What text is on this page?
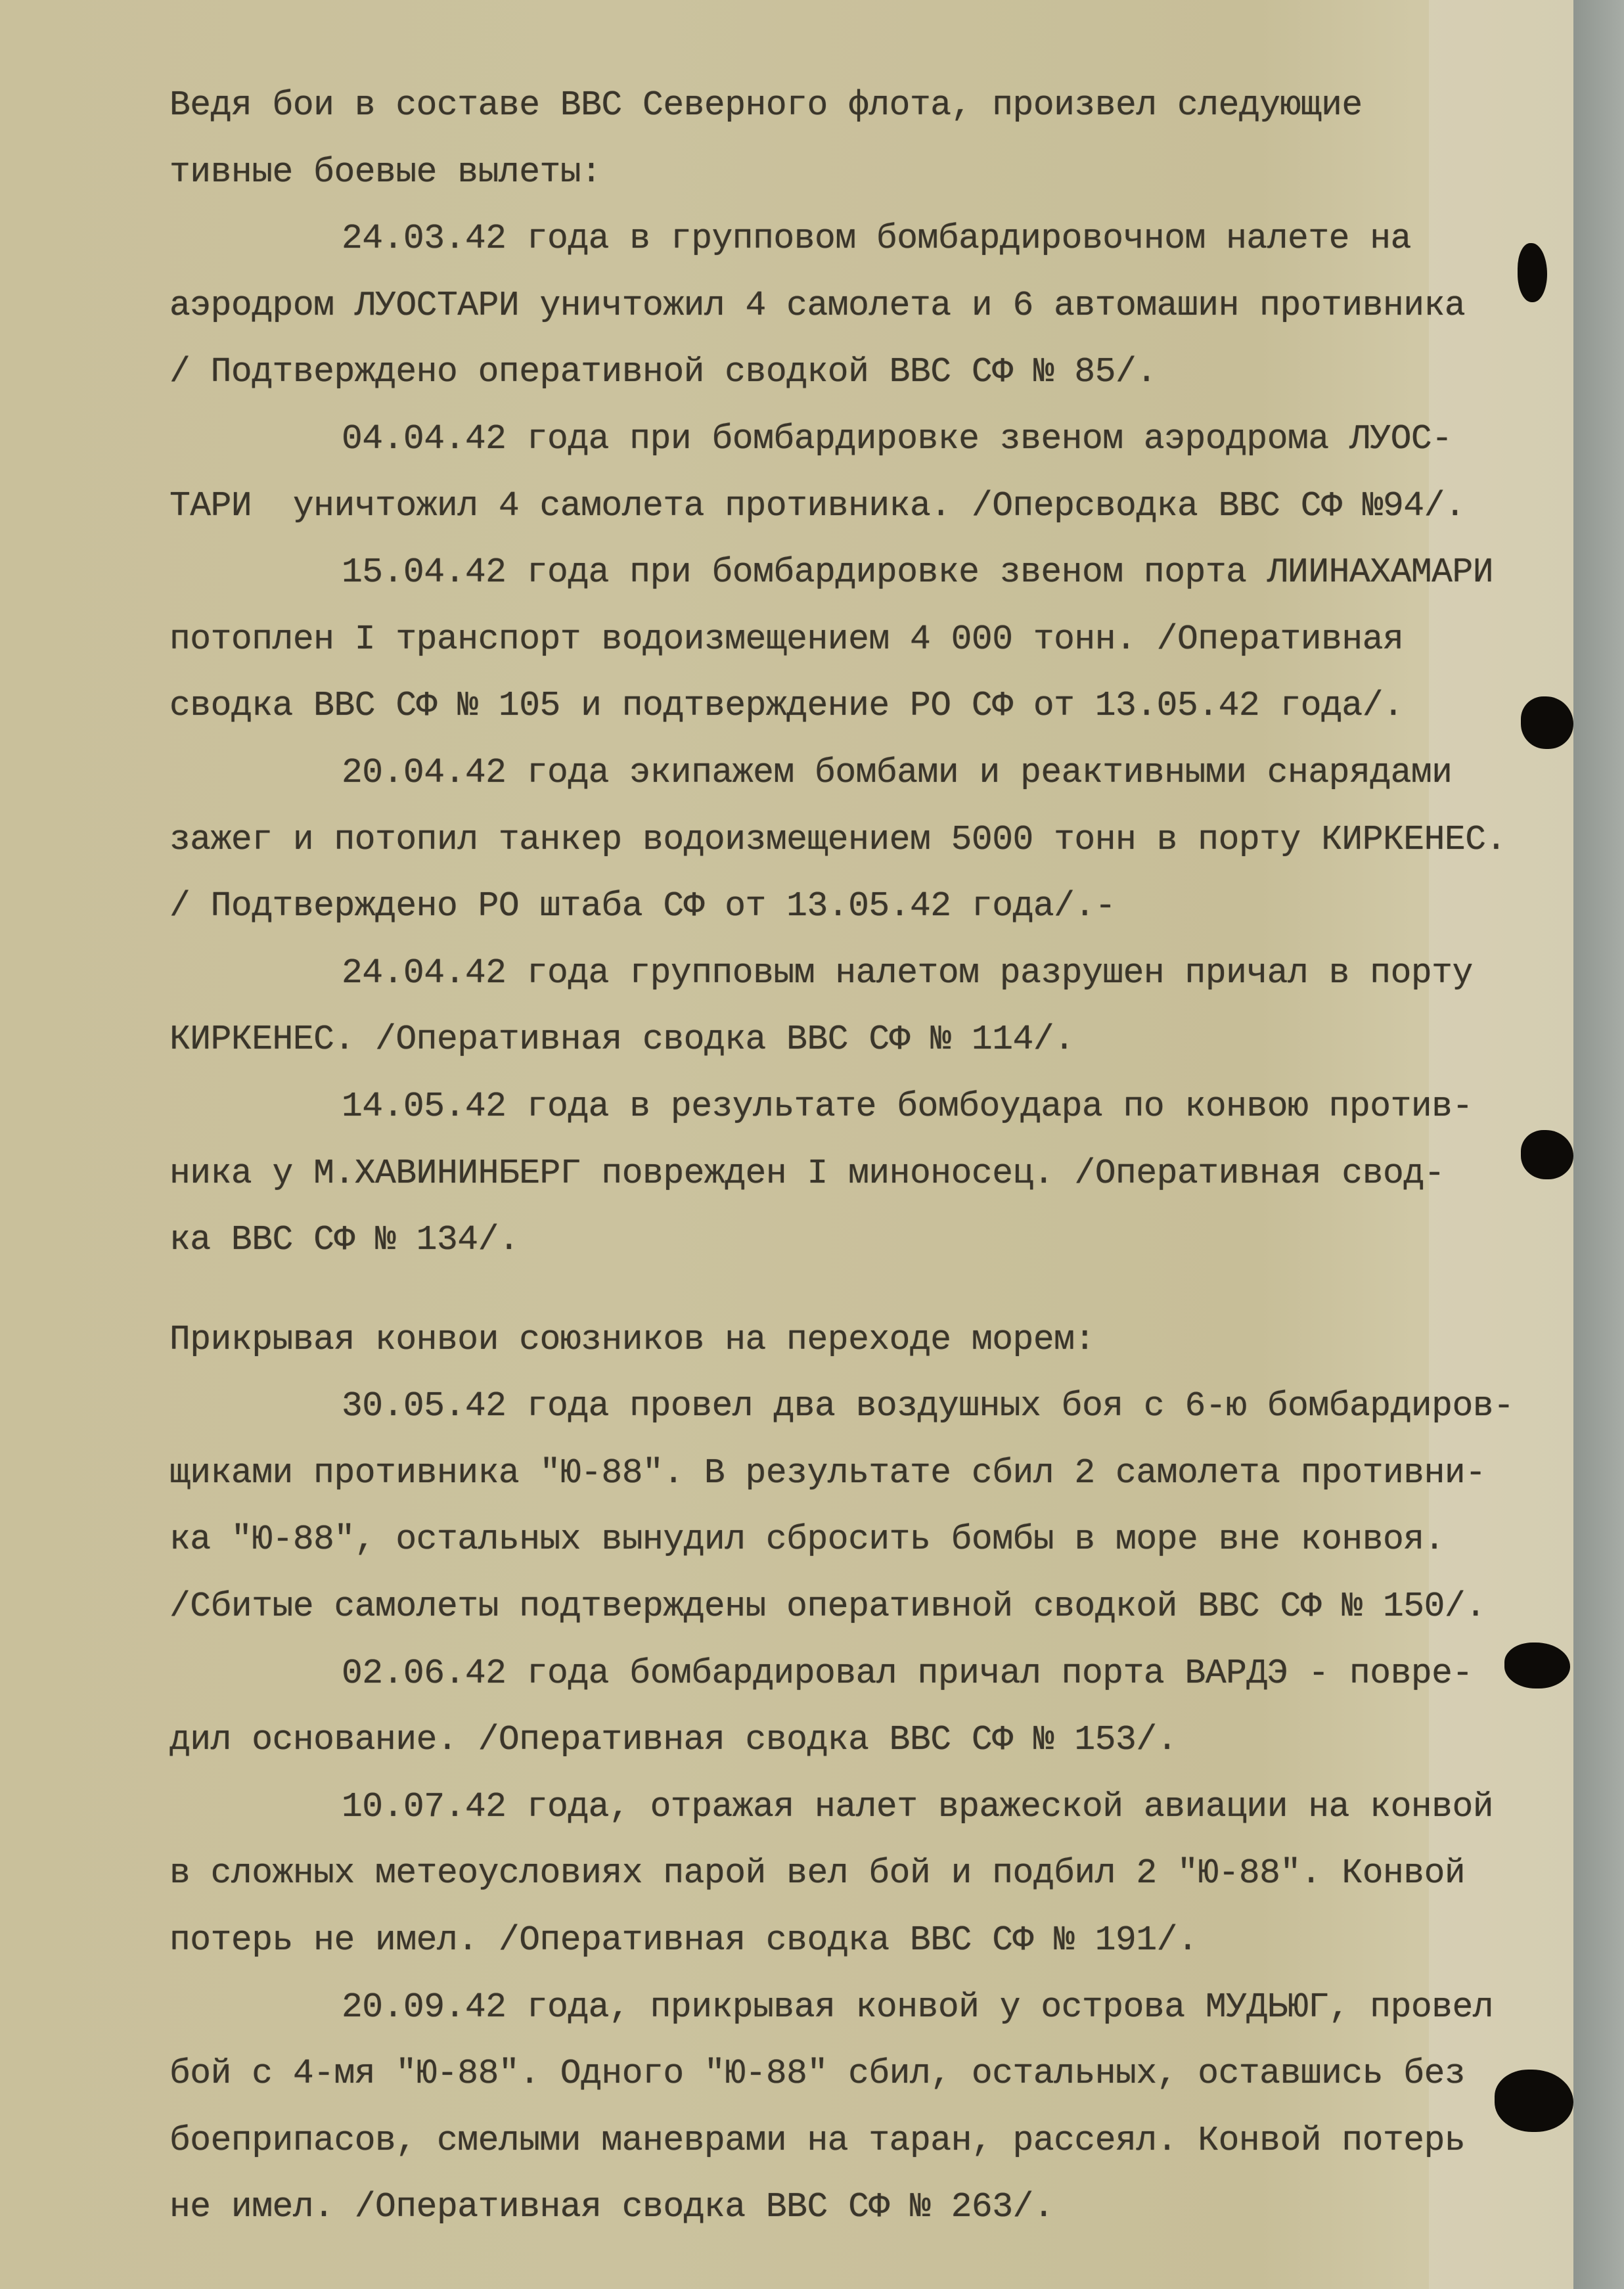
Ведя бои в составе ВВС Северного флота, произвел следующие
тивные боевые вылеты:
24.03.42 года в групповом бомбардировочном налете на
аэродром ЛУОСТАРИ уничтожил 4 самолета и 6 автомашин противника
/ Подтверждено оперативной сводкой ВВС СФ № 85/.
04.04.42 года при бомбардировке звеном аэродрома ЛУОС-
ТАРИ  уничтожил 4 самолета противника. /Оперсводка ВВС СФ №94/.
15.04.42 года при бомбардировке звеном порта ЛИИНАХАМАРИ
потоплен I транспорт водоизмещением 4 000 тонн. /Оперативная
сводка ВВС СФ № 105 и подтверждение РО СФ от 13.05.42 года/.
20.04.42 года экипажем бомбами и реактивными снарядами
зажег и потопил танкер водоизмещением 5000 тонн в порту КИРКЕНЕС.
/ Подтверждено РО штаба СФ от 13.05.42 года/.-
24.04.42 года групповым налетом разрушен причал в порту
КИРКЕНЕС. /Оперативная сводка ВВС СФ № 114/.
14.05.42 года в результате бомбоудара по конвою против-
ника у М.ХАВИНИНБЕРГ поврежден I миноносец. /Оперативная свод-
ка ВВС СФ № 134/.
Прикрывая конвои союзников на переходе морем:
30.05.42 года провел два воздушных боя с 6-ю бомбардиров-
щиками противника "Ю-88". В результате сбил 2 самолета противни-
ка "Ю-88", остальных вынудил сбросить бомбы в море вне конвоя.
/Сбитые самолеты подтверждены оперативной сводкой ВВС СФ № 150/.
02.06.42 года бомбардировал причал порта ВАРДЭ - повре-
дил основание. /Оперативная сводка ВВС СФ № 153/.
10.07.42 года, отражая налет вражеской авиации на конвой
в сложных метеоусловиях парой вел бой и подбил 2 "Ю-88". Конвой
потерь не имел. /Оперативная сводка ВВС СФ № 191/.
20.09.42 года, прикрывая конвой у острова МУДЬЮГ, провел
бой с 4-мя "Ю-88". Одного "Ю-88" сбил, остальных, оставшись без
боеприпасов, смелыми маневрами на таран, рассеял. Конвой потерь
не имел. /Оперативная сводка ВВС СФ № 263/.
